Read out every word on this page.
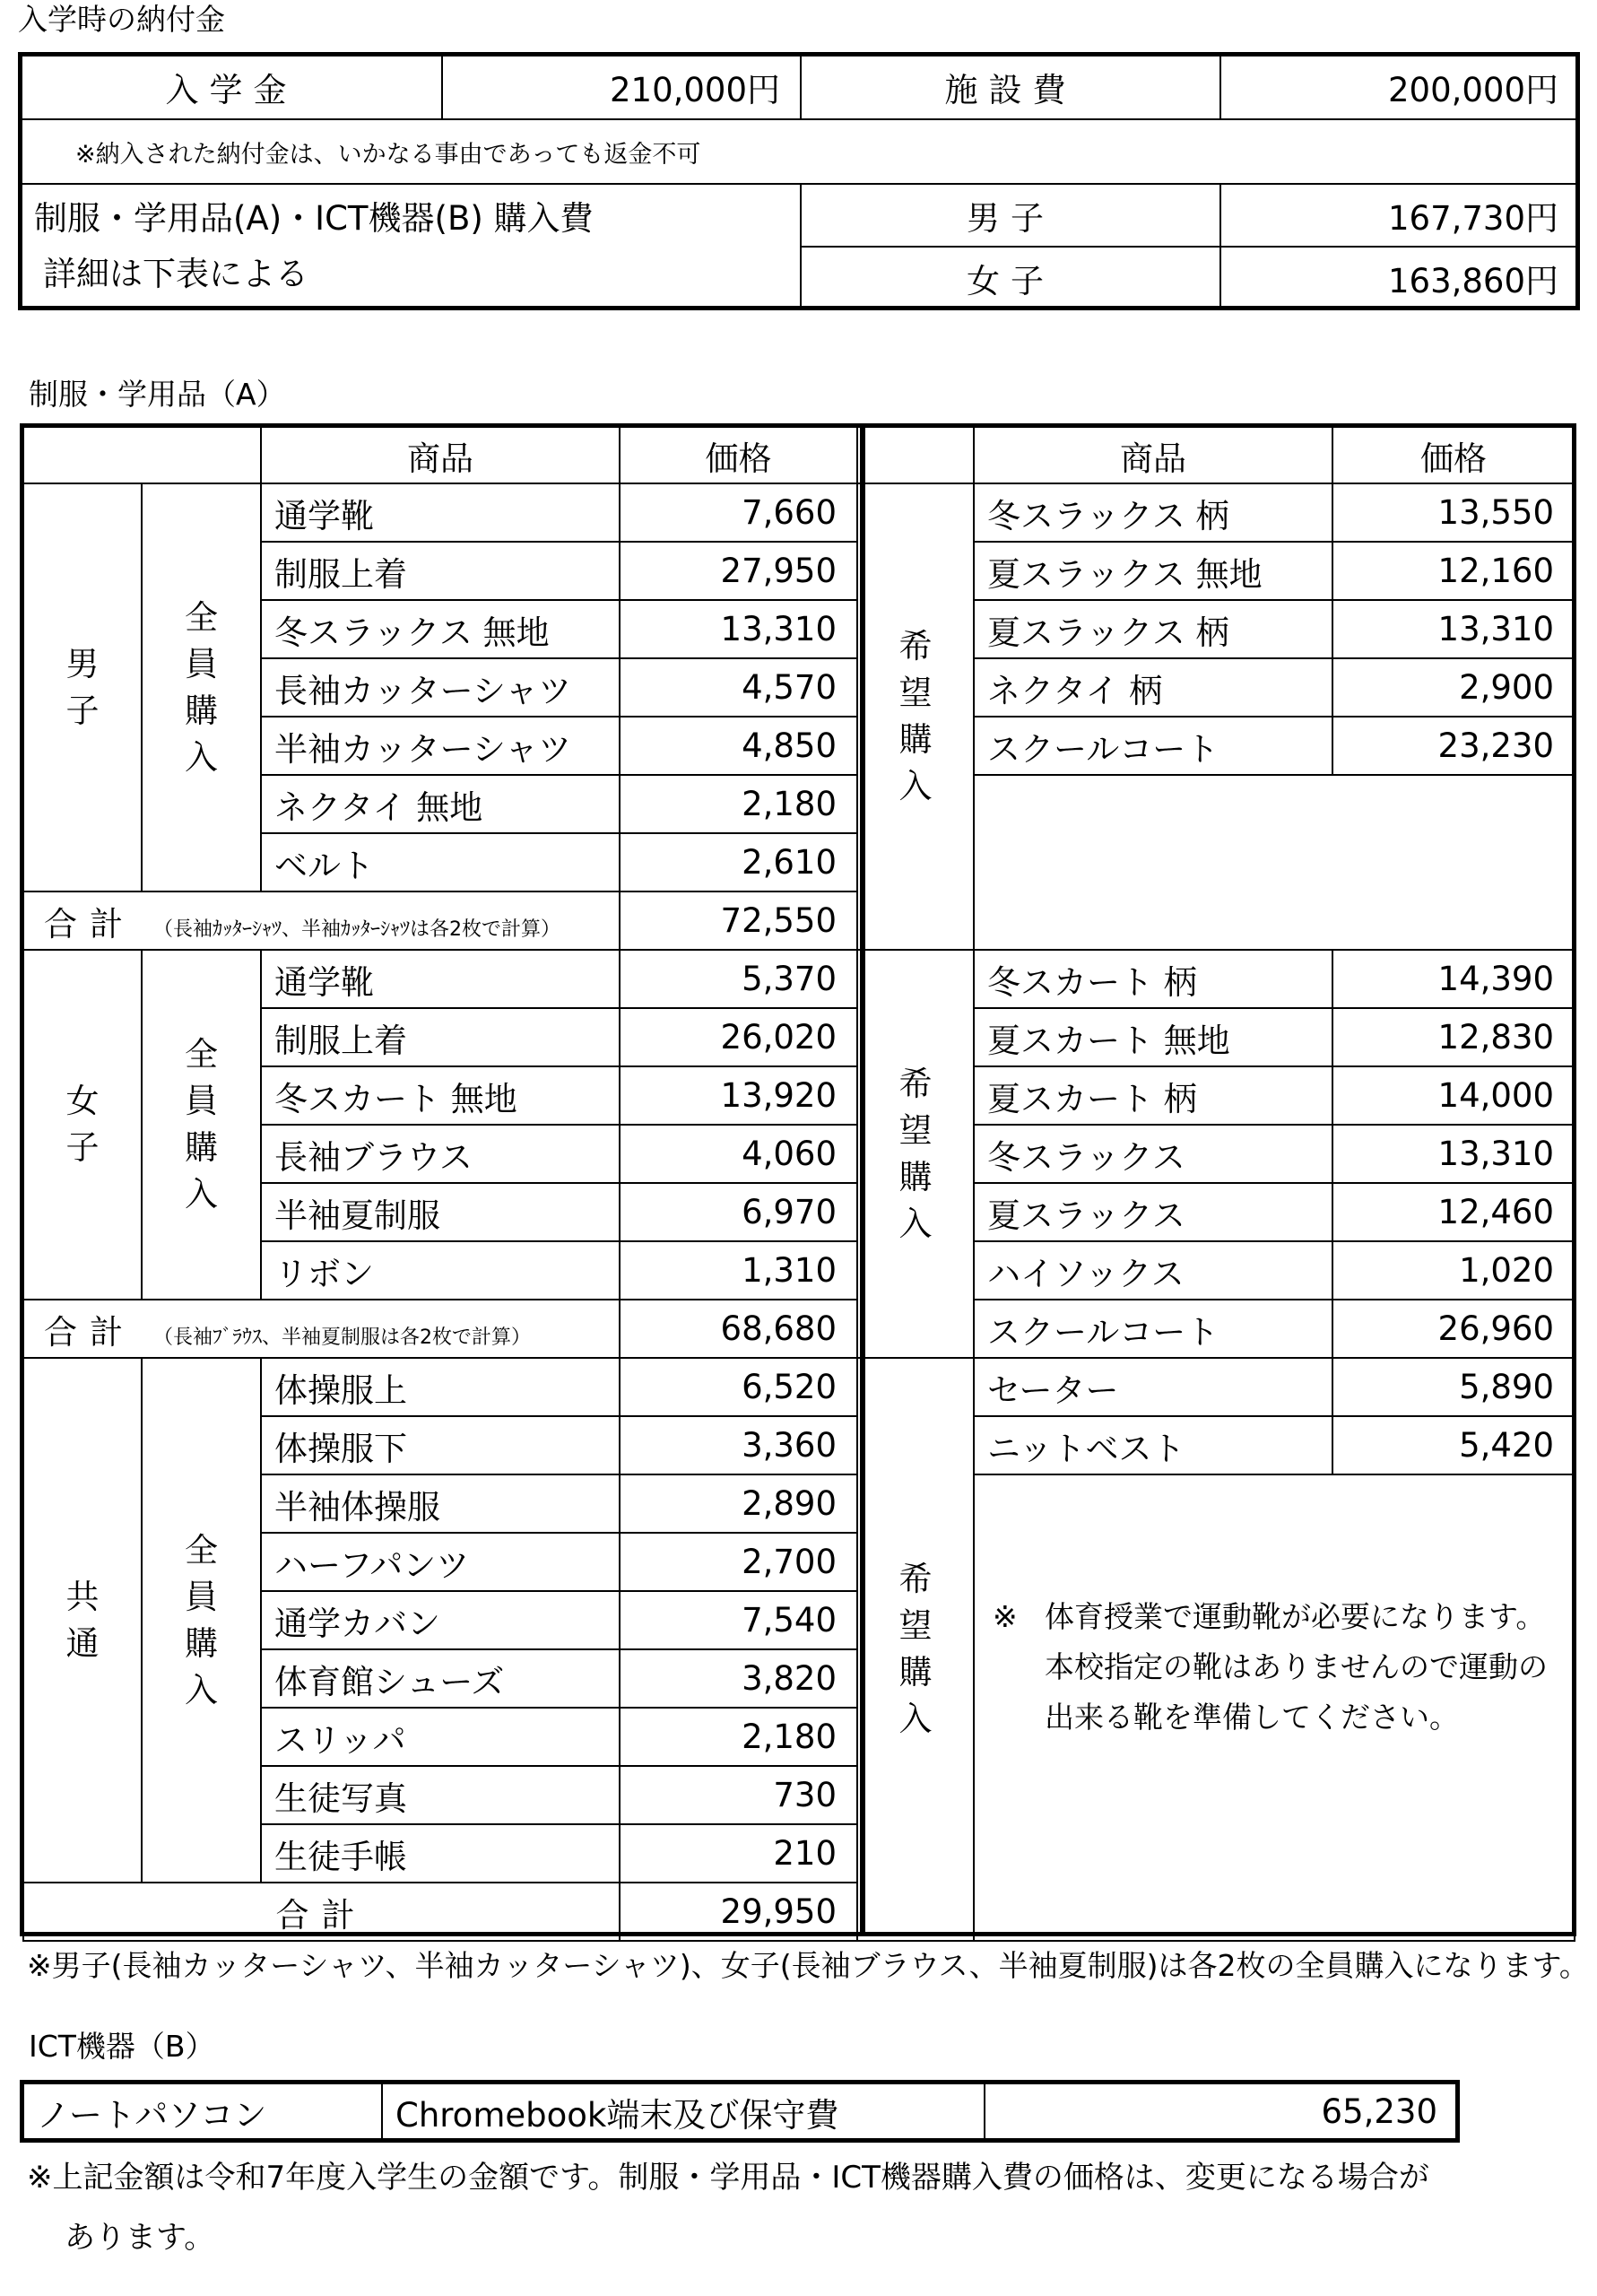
入学時の納付金
入学金	210,000円	施設費	200,000円
※納入された納付金は、いかなる事由であっても返金不可			

制服・学用品(A)・ICT機器(B) 購入費
詳細は下表による		男子	167,730円
		女子	163,860円
制服・学用品（A）
		商品	価格		商品	価格

男子	全員購入	通学靴	7,660	希望購入	冬スラックス 柄	13,550
		制服上着	27,950		夏スラックス 無地	12,160
		冬スラックス 無地	13,310		夏スラックス 柄	13,310
		長袖カッターシャツ	4,570		ネクタイ 柄	2,900
		半袖カッターシャツ	4,850		スクールコート	23,230
		ネクタイ 無地	2,180			
		ベルト	2,610			
合計 （長袖ｶｯﾀｰｼｬﾂ、半袖ｶｯﾀｰｼｬﾂは各2枚で計算）			72,550			

女子	全員購入	通学靴	5,370	希望購入	冬スカート 柄	14,390
		制服上着	26,020		夏スカート 無地	12,830
		冬スカート 無地	13,920		夏スカート 柄	14,000
		長袖ブラウス	4,060		冬スラックス	13,310
		半袖夏制服	6,970		夏スラックス	12,460
		リボン	1,310		ハイソックス	1,020
合計 （長袖ﾌﾞﾗｳｽ、半袖夏制服は各2枚で計算）			68,680		スクールコート	26,960

共通	全員購入	体操服上	6,520	希望購入	セーター	5,890
		体操服下	3,360		ニットベスト	5,420
		半袖体操服	2,890		※ 体育授業で運動靴が必要になります。
本校指定の靴はありませんので運動の
出来る靴を準備してください。	

		ハーフパンツ	2,700			
		通学カバン	7,540			
		体育館シューズ	3,820			
		スリッパ	2,180			
		生徒写真	730			
		生徒手帳	210			
合計			29,950			
※男子(長袖カッターシャツ、半袖カッターシャツ)、女子(長袖ブラウス、半袖夏制服)は各2枚の全員購入になります。
ICT機器（B）
ノートパソコン	Chromebook端末及び保守費	65,230
※上記金額は令和7年度入学生の金額です。制服・学用品・ICT機器購入費の価格は、変更になる場合が
あります。
